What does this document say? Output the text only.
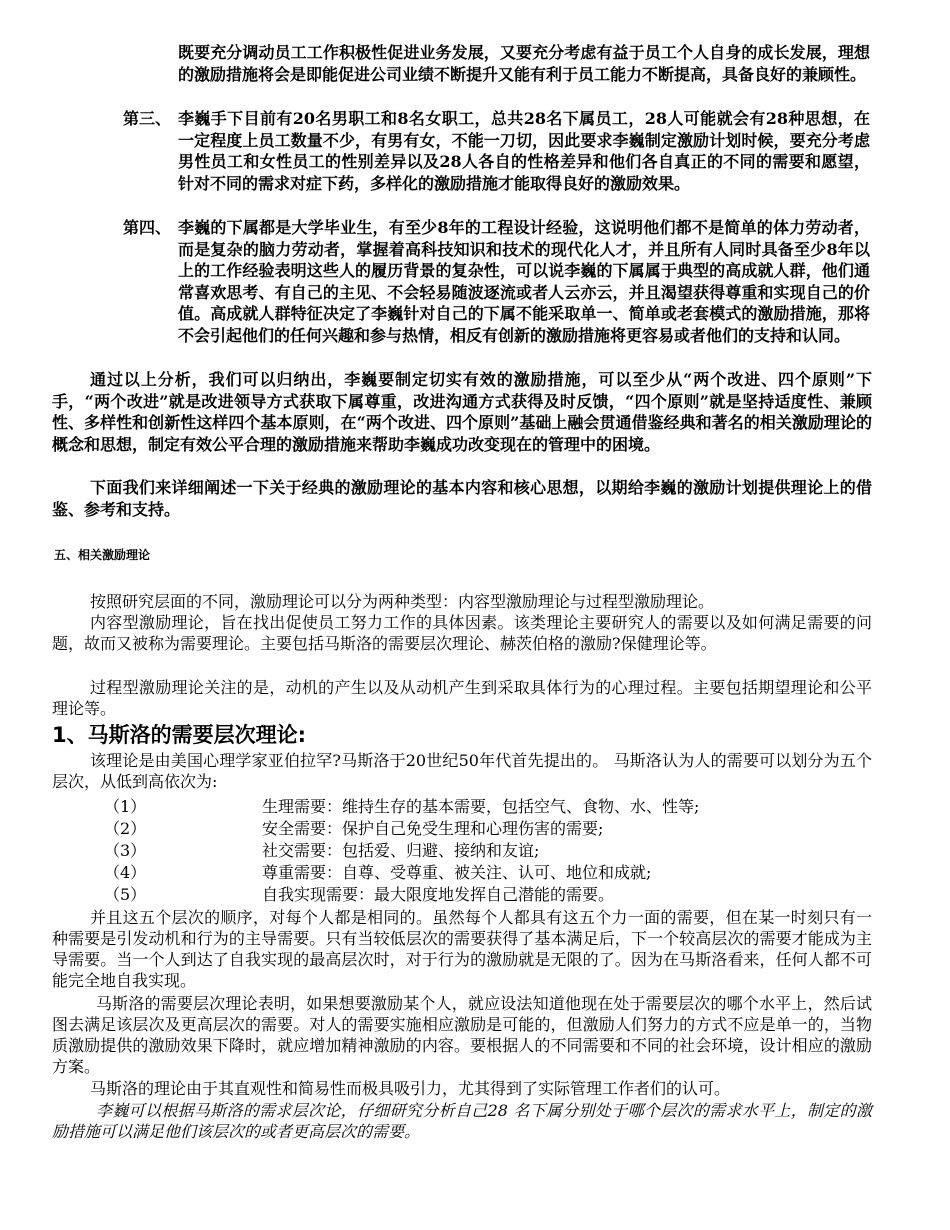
既要充分调动员工工作积极性促进业务发展，又要充分考虑有益于员工个人自身的成长发展，理想的激励措施将会是即能促进公司业绩不断提升又能有利于员工能力不断提高，具备良好的兼顾性。
第三、 李巍手下目前有20名男职工和8名女职工，总共28名下属员工，28人可能就会有28种思想，在一定程度上员工数量不少，有男有女，不能一刀切，因此要求李巍制定激励计划时候，要充分考虑男性员工和女性员工的性别差异以及28人各自的性格差异和他们各自真正的不同的需要和愿望，针对不同的需求对症下药，多样化的激励措施才能取得良好的激励效果。
第四、 李巍的下属都是大学毕业生，有至少8年的工程设计经验，这说明他们都不是简单的体力劳动者，而是复杂的脑力劳动者，掌握着高科技知识和技术的现代化人才，并且所有人同时具备至少8年以上的工作经验表明这些人的履历背景的复杂性，可以说李巍的下属属于典型的高成就人群，他们通常喜欢思考、有自己的主见、不会轻易随波逐流或者人云亦云，并且渴望获得尊重和实现自己的价值。高成就人群特征决定了李巍针对自己的下属不能采取单一、简单或老套模式的激励措施，那将不会引起他们的任何兴趣和参与热情，相反有创新的激励措施将更容易或者他们的支持和认同。
通过以上分析，我们可以归纳出，李巍要制定切实有效的激励措施，可以至少从“两个改进、四个原则”下手，“两个改进”就是改进领导方式获取下属尊重，改进沟通方式获得及时反馈，“四个原则”就是坚持适度性、兼顾性、多样性和创新性这样四个基本原则，在“两个改进、四个原则”基础上融会贯通借鉴经典和著名的相关激励理论的概念和思想，制定有效公平合理的激励措施来帮助李巍成功改变现在的管理中的困境。
下面我们来详细阐述一下关于经典的激励理论的基本内容和核心思想，以期给李巍的激励计划提供理论上的借鉴、参考和支持。
五、相关激励理论
按照研究层面的不同，激励理论可以分为两种类型：内容型激励理论与过程型激励理论。
内容型激励理论，旨在找出促使员工努力工作的具体因素。该类理论主要研究人的需要以及如何满足需要的问题，故而又被称为需要理论。主要包括马斯洛的需要层次理论、赫茨伯格的激励?保健理论等。
过程型激励理论关注的是，动机的产生以及从动机产生到采取具体行为的心理过程。主要包括期望理论和公平理论等。
1、马斯洛的需要层次理论:
该理论是由美国心理学家亚伯拉罕?马斯洛于20世纪50年代首先提出的。 马斯洛认为人的需要可以划分为五个层次，从低到高依次为:
（1）	生理需要：维持生存的基本需要，包括空气、食物、水、性等;
（2）	安全需要：保护自己免受生理和心理伤害的需要;
（3）	社交需要：包括爱、归避、接纳和友谊;
（4）	尊重需要：自尊、受尊重、被关注、认可、地位和成就;
（5）	自我实现需要：最大限度地发挥自己潜能的需要。
并且这五个层次的顺序，对每个人都是相同的。虽然每个人都具有这五个力一面的需要，但在某一时刻只有一种需要是引发动机和行为的主导需要。只有当较低层次的需要获得了基本满足后，下一个较高层次的需要才能成为主导需要。当一个人到达了自我实现的最高层次时，对于行为的激励就是无限的了。因为在马斯洛看来，任何人都不可能完全地自我实现。
马斯洛的需要层次理论表明，如果想要激励某个人，就应设法知道他现在处于需要层次的哪个水平上，然后试图去满足该层次及更高层次的需要。对人的需要实施相应激励是可能的，但激励人们努力的方式不应是单一的，当物质激励提供的激励效果下降时，就应增加精神激励的内容。要根据人的不同需要和不同的社会环境，设计相应的激励方案。
马斯洛的理论由于其直观性和简易性而极具吸引力，尤其得到了实际管理工作者们的认可。
李巍可以根据马斯洛的需求层次论，仔细研究分析自己28 名下属分别处于哪个层次的需求水平上，制定的激励措施可以满足他们该层次的或者更高层次的需要。
